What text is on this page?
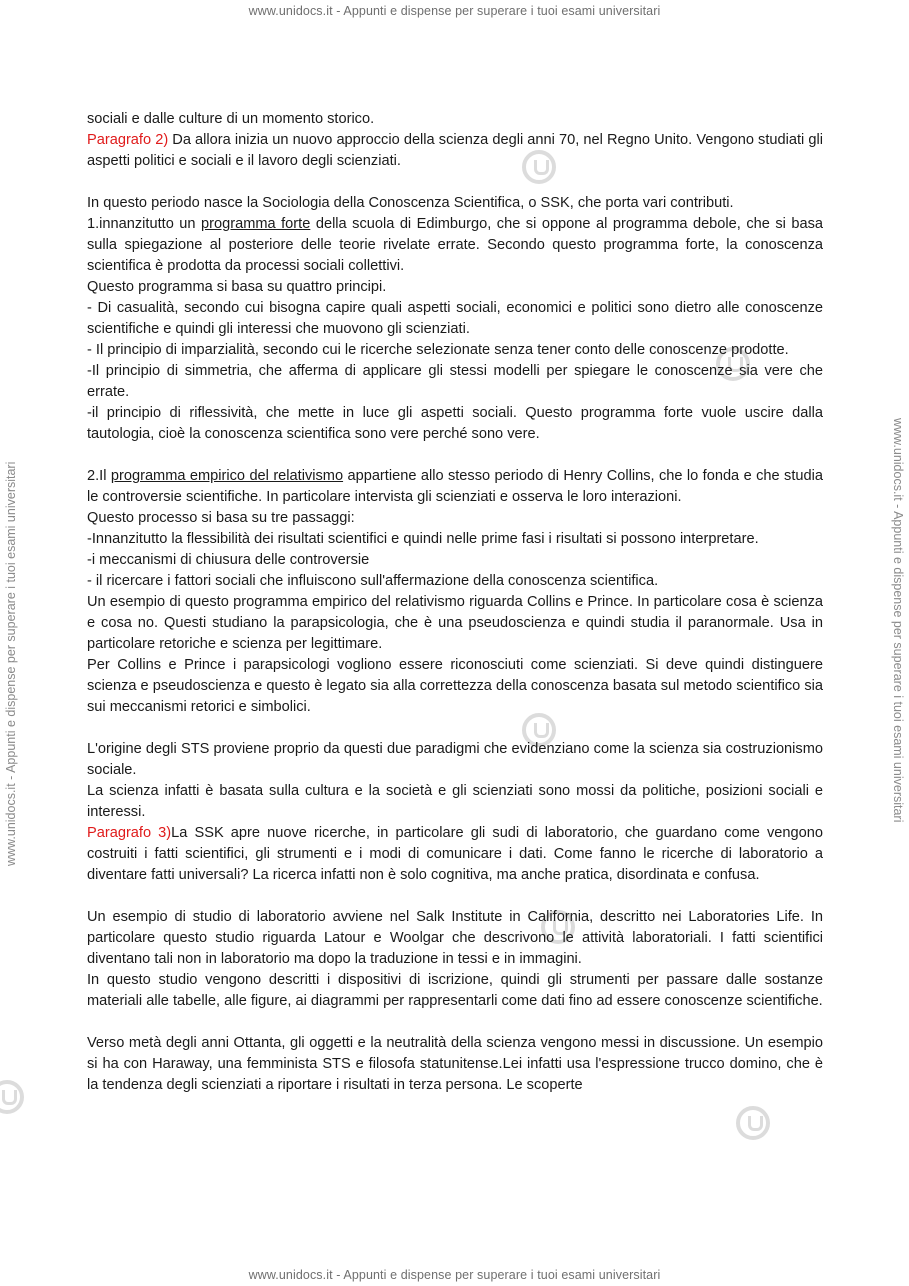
www.unidocs.it - Appunti e dispense per superare i tuoi esami universitari
www.unidocs.it - Appunti e dispense per superare i tuoi esami universitari
www.unidocs.it - Appunti e dispense per superare i tuoi esami universitari	www.unidocs.it - Appunti e dispense per superare i tuoi esami universitari

sociali e dalle culture di un momento storico.

Paragrafo 2) Da allora inizia un nuovo approccio della scienza degli anni 70, nel Regno Unito. Vengono studiati gli aspetti politici e sociali e il lavoro degli scienziati.

In questo periodo nasce la Sociologia della Conoscenza Scientifica, o SSK, che porta vari contributi.

1.innanzitutto un programma forte della scuola di Edimburgo, che si oppone al programma debole, che si basa sulla spiegazione al posteriore delle teorie rivelate errate. Secondo questo programma forte, la conoscenza scientifica è prodotta da processi sociali collettivi.

Questo programma si basa su quattro principi.

- Di casualità, secondo cui bisogna capire quali aspetti sociali, economici e politici sono dietro alle conoscenze scientifiche e quindi gli interessi che muovono gli scienziati.

- Il principio di imparzialità, secondo cui le ricerche selezionate senza tener conto delle conoscenze prodotte.

-Il principio di simmetria, che afferma di applicare gli stessi modelli per spiegare le conoscenze sia vere che errate.

-il principio di riflessività, che mette in luce gli aspetti sociali. Questo programma forte vuole uscire dalla tautologia, cioè la conoscenza scientifica sono vere perché sono vere.

2.Il programma empirico del relativismo appartiene allo stesso periodo di Henry Collins, che lo fonda e che studia le controversie scientifiche. In particolare intervista gli scienziati e osserva le loro interazioni.

Questo processo si basa su tre passaggi:

-Innanzitutto la flessibilità dei risultati scientifici e quindi nelle prime fasi i risultati si possono interpretare.

-i meccanismi di chiusura delle controversie

- il ricercare i fattori sociali che influiscono sull'affermazione della conoscenza scientifica.

Un esempio di questo programma empirico del relativismo riguarda Collins e Prince. In particolare cosa è scienza e cosa no. Questi studiano la parapsicologia, che è una pseudoscienza e quindi studia il paranormale. Usa in particolare retoriche e scienza per legittimare.

Per Collins e Prince i parapsicologi vogliono essere riconosciuti come scienziati. Si deve quindi distinguere scienza e pseudoscienza e questo è legato sia alla correttezza della conoscenza basata sul metodo scientifico sia sui meccanismi retorici e simbolici.

L'origine degli STS proviene proprio da questi due paradigmi che evidenziano come la scienza sia costruzionismo sociale.

La scienza infatti è basata sulla cultura e la società e gli scienziati sono mossi da politiche, posizioni sociali e interessi.

Paragrafo 3)La SSK apre nuove ricerche, in particolare gli sudi di laboratorio, che guardano come vengono costruiti i fatti scientifici, gli strumenti e i modi di comunicare i dati. Come fanno le ricerche di laboratorio a diventare fatti universali? La ricerca infatti non è solo cognitiva, ma anche pratica, disordinata e confusa.

Un esempio di studio di laboratorio avviene nel Salk Institute in California, descritto nei Laboratories Life. In particolare questo studio riguarda Latour e Woolgar che descrivono le attività laboratoriali. I fatti scientifici diventano tali non in laboratorio ma dopo la traduzione in tessi e in immagini.

In questo studio vengono descritti i dispositivi di iscrizione, quindi gli strumenti per passare dalle sostanze materiali alle tabelle, alle figure, ai diagrammi per rappresentarli come dati fino ad essere conoscenze scientifiche.

Verso metà degli anni Ottanta, gli oggetti e la neutralità della scienza vengono messi in discussione. Un esempio si ha con Haraway, una femminista STS e filosofa statunitense.Lei infatti usa l'espressione trucco domino, che è la tendenza degli scienziati a riportare i risultati in terza persona. Le scoperte
